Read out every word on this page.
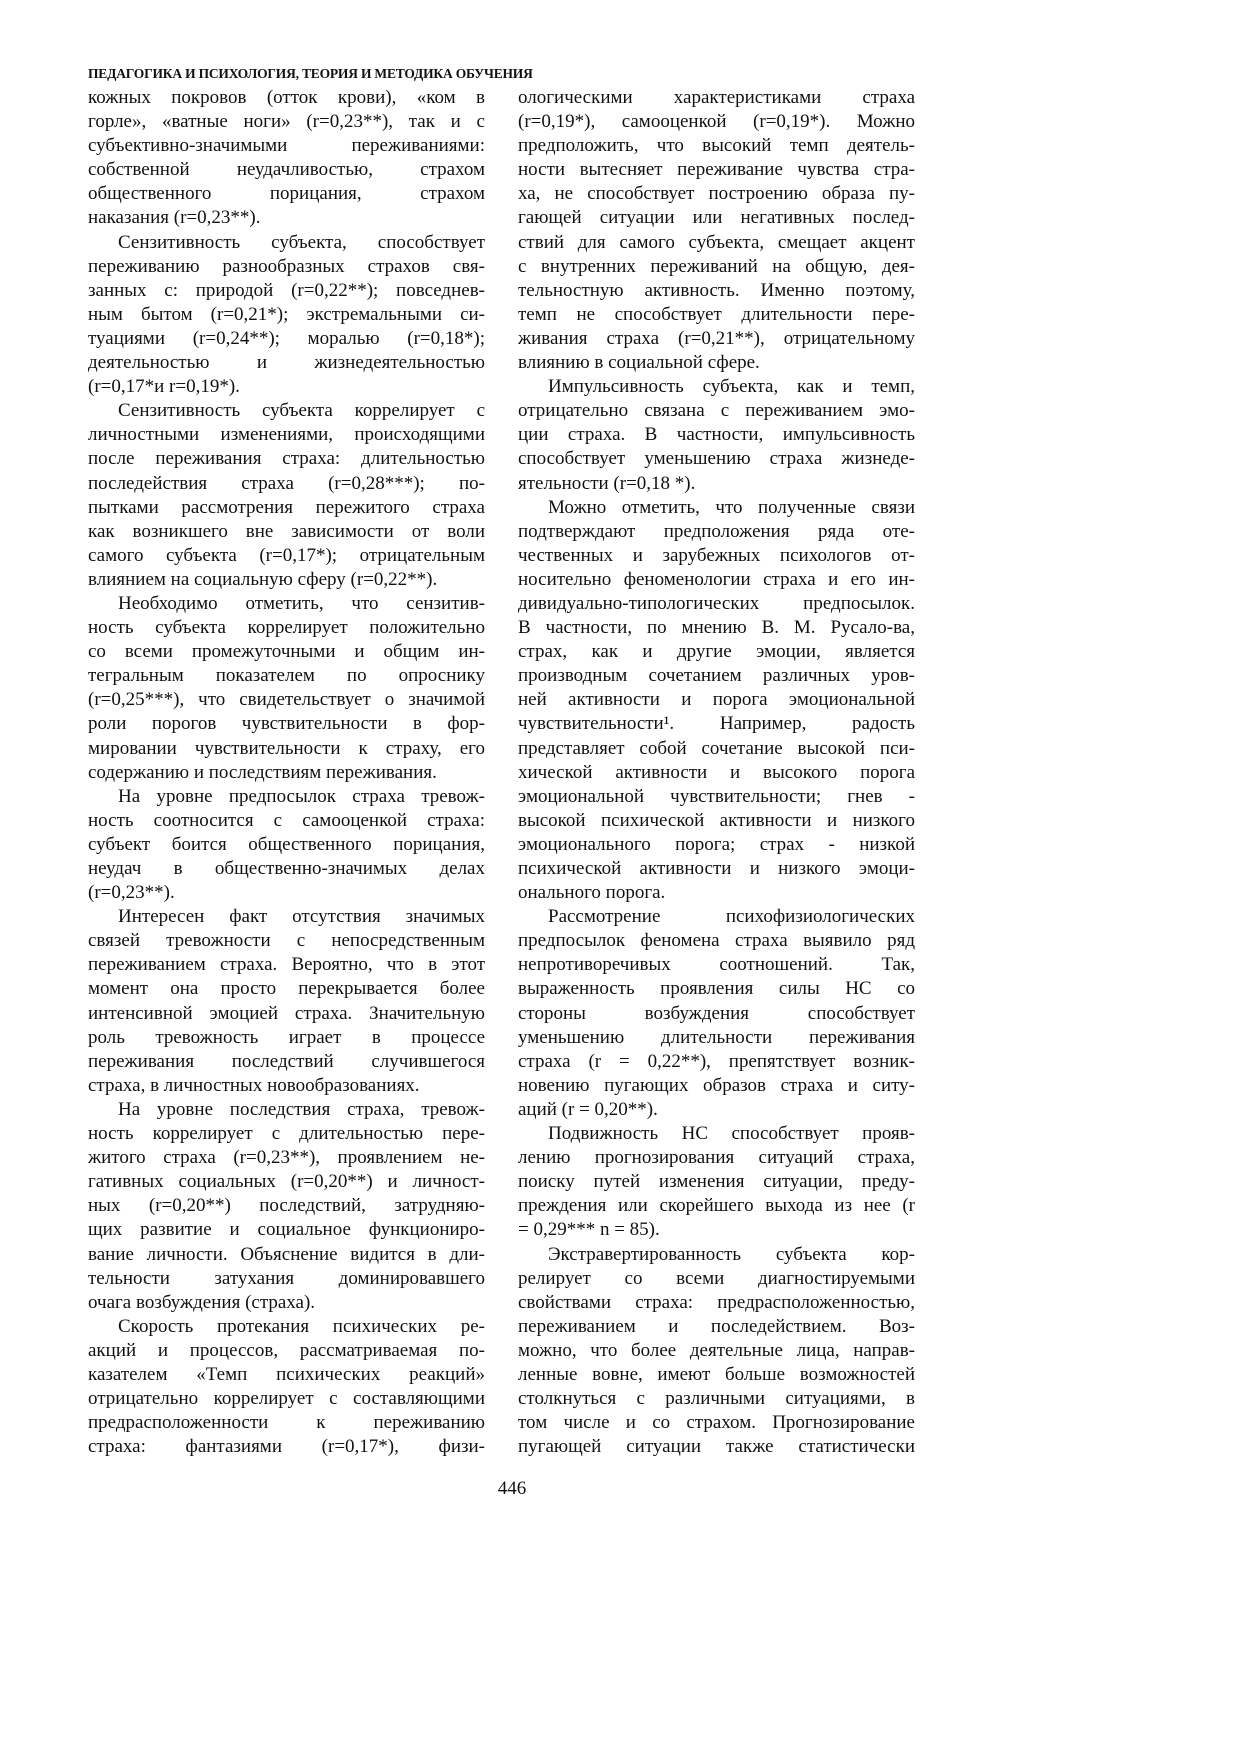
ПЕДАГОГИКА И ПСИХОЛОГИЯ, ТЕОРИЯ И МЕТОДИКА ОБУЧЕНИЯ
кожных покровов (отток крови), «ком в
горле», «ватные ноги» (r=0,23**), так и с
субъективно-значимыми переживаниями:
собственной неудачливостью, страхом
общественного порицания, страхом
наказания (r=0,23**).
Сензитивность субъекта, способствует
переживанию разнообразных страхов свя-
занных с: природой (r=0,22**); повседнев-
ным бытом (r=0,21*); экстремальными си-
туациями (r=0,24**); моралью (r=0,18*);
деятельностью и жизнедеятельностью
(r=0,17*и r=0,19*).
Сензитивность субъекта коррелирует с
личностными изменениями, происходящими
после переживания страха: длительностью
последействия страха (r=0,28***); по-
пытками рассмотрения пережитого страха
как возникшего вне зависимости от воли
самого субъекта (r=0,17*); отрицательным
влиянием на социальную сферу (r=0,22**).
Необходимо отметить, что сензитив-
ность субъекта коррелирует положительно
со всеми промежуточными и общим ин-
тегральным показателем по опроснику
(r=0,25***), что свидетельствует о значимой
роли порогов чувствительности в фор-
мировании чувствительности к страху, его
содержанию и последствиям переживания.
На уровне предпосылок страха тревож-
ность соотносится с самооценкой страха:
субъект боится общественного порицания,
неудач в общественно-значимых делах
(r=0,23**).
Интересен факт отсутствия значимых
связей тревожности с непосредственным
переживанием страха. Вероятно, что в этот
момент она просто перекрывается более
интенсивной эмоцией страха. Значительную
роль тревожность играет в процессе
переживания последствий случившегося
страха, в личностных новообразованиях.
На уровне последствия страха, тревож-
ность коррелирует с длительностью пере-
житого страха (r=0,23**), проявлением не-
гативных социальных (r=0,20**) и личност-
ных (r=0,20**) последствий, затрудняю-
щих развитие и социальное функциониро-
вание личности. Объяснение видится в дли-
тельности затухания доминировавшего
очага возбуждения (страха).
Скорость протекания психических ре-
акций и процессов, рассматриваемая по-
казателем «Темп психических реакций»
отрицательно коррелирует с составляющими
предрасположенности к переживанию
страха: фантазиями (r=0,17*), физи-
ологическими характеристиками страха
(r=0,19*), самооценкой (r=0,19*). Можно
предположить, что высокий темп деятель-
ности вытесняет переживание чувства стра-
ха, не способствует построению образа пу-
гающей ситуации или негативных послед-
ствий для самого субъекта, смещает акцент
с внутренних переживаний на общую, дея-
тельностную активность. Именно поэтому,
темп не способствует длительности пере-
живания страха (r=0,21**), отрицательному
влиянию в социальной сфере.
Импульсивность субъекта, как и темп,
отрицательно связана с переживанием эмо-
ции страха. В частности, импульсивность
способствует уменьшению страха жизнеде-
ятельности (r=0,18 *).
Можно отметить, что полученные связи
подтверждают предположения ряда оте-
чественных и зарубежных психологов от-
носительно феноменологии страха и его ин-
дивидуально-типологических предпосылок.
В частности, по мнению В. М. Русало-ва,
страх, как и другие эмоции, является
производным сочетанием различных уров-
ней активности и порога эмоциональной
чувствительности¹. Например, радость
представляет собой сочетание высокой пси-
хической активности и высокого порога
эмоциональной чувствительности; гнев -
высокой психической активности и низкого
эмоционального порога; страх - низкой
психической активности и низкого эмоци-
онального порога.
Рассмотрение психофизиологических
предпосылок феномена страха выявило ряд
непротиворечивых соотношений. Так,
выраженность проявления силы НС со
стороны возбуждения способствует
уменьшению длительности переживания
страха (r = 0,22**), препятствует возник-
новению пугающих образов страха и ситу-
аций (r = 0,20**).
Подвижность НС способствует прояв-
лению прогнозирования ситуаций страха,
поиску путей изменения ситуации, преду-
преждения или скорейшего выхода из нее (r
= 0,29*** n = 85).
Экстравертированность субъекта кор-
релирует со всеми диагностируемыми
свойствами страха: предрасположенностью,
переживанием и последействием. Воз-
можно, что более деятельные лица, направ-
ленные вовне, имеют больше возможностей
столкнуться с различными ситуациями, в
том числе и со страхом. Прогнозирование
пугающей ситуации также статистически
446
